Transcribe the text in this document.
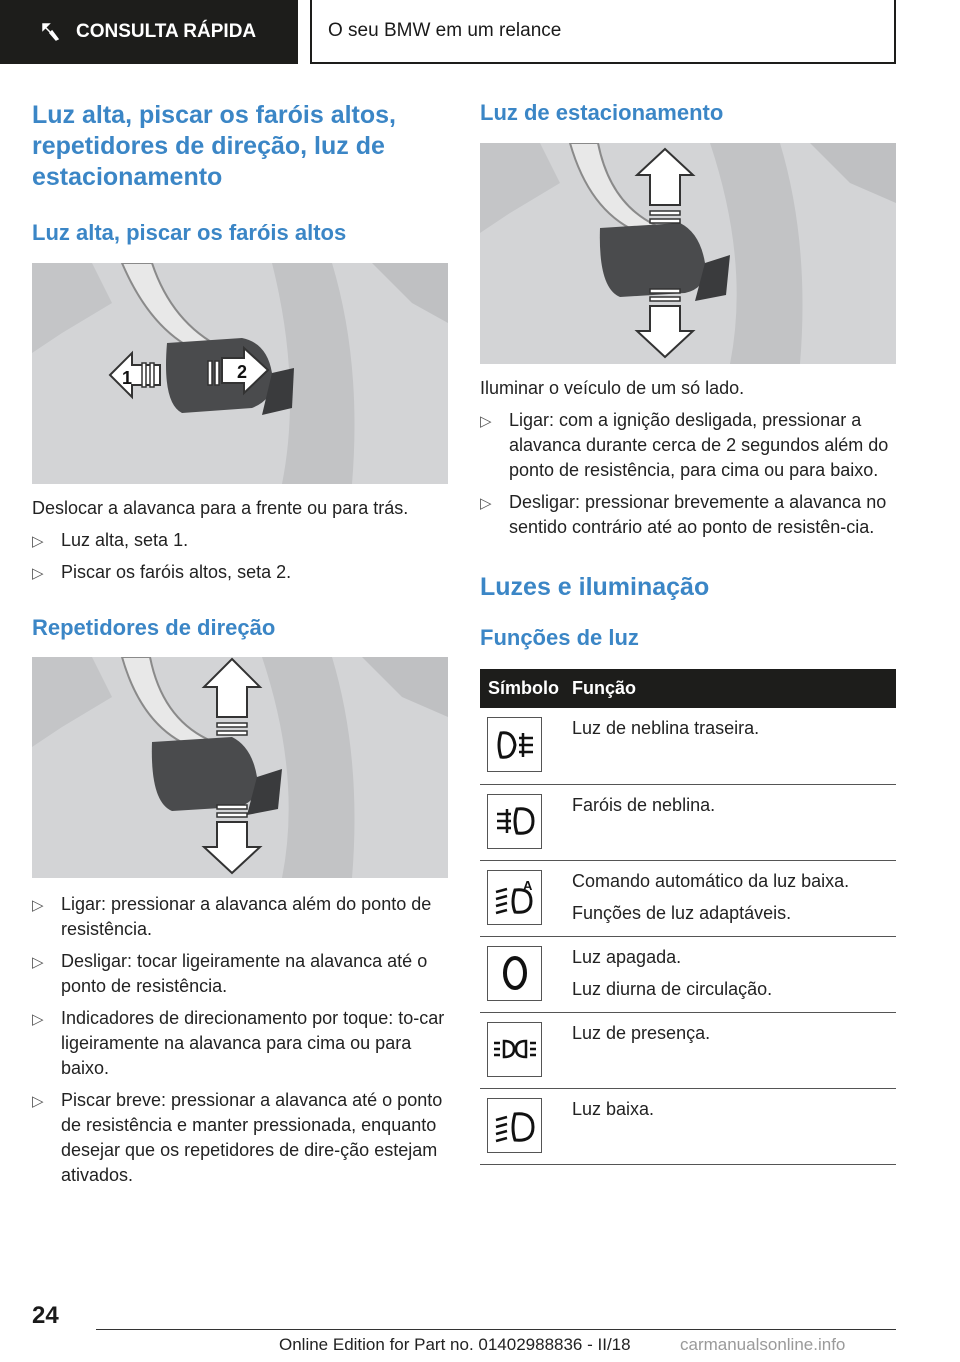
CONSULTA RÁPIDA	O seu BMW em um relance
Luz alta, piscar os faróis altos, repetidores de direção, luz de estacionamento
Luz alta, piscar os faróis altos
1	2

Deslocar a alavanca para a frente ou para trás.

▷ Luz alta, seta 1.
▷ Piscar os faróis altos, seta 2.
Repetidores de direção
▷ Ligar: pressionar a alavanca além do ponto de resistência.
▷ Desligar: tocar ligeiramente na alavanca até o ponto de resistência.
▷ Indicadores de direcionamento por toque: to-car ligeiramente na alavanca para cima ou para baixo.
▷ Piscar breve: pressionar a alavanca até o ponto de resistência e manter pressionada, enquanto desejar que os repetidores de dire-ção estejam ativados.
Luz de estacionamento

Iluminar o veículo de um só lado.

▷ Ligar: com a ignição desligada, pressionar a alavanca durante cerca de 2 segundos além do ponto de resistência, para cima ou para baixo.
▷ Desligar: pressionar brevemente a alavanca no sentido contrário até ao ponto de resistên-cia.
Luzes e iluminação
Funções de luz
Símbolo	Função

Luz de neblina traseira.

Faróis de neblina.

A	Comando automático da luz baixa.
Funções de luz adaptáveis.

Luz apagada.
Luz diurna de circulação.

Luz de presença.

Luz baixa.
24
Online Edition for Part no. 01402988836 - II/18	carmanualsonline.info
